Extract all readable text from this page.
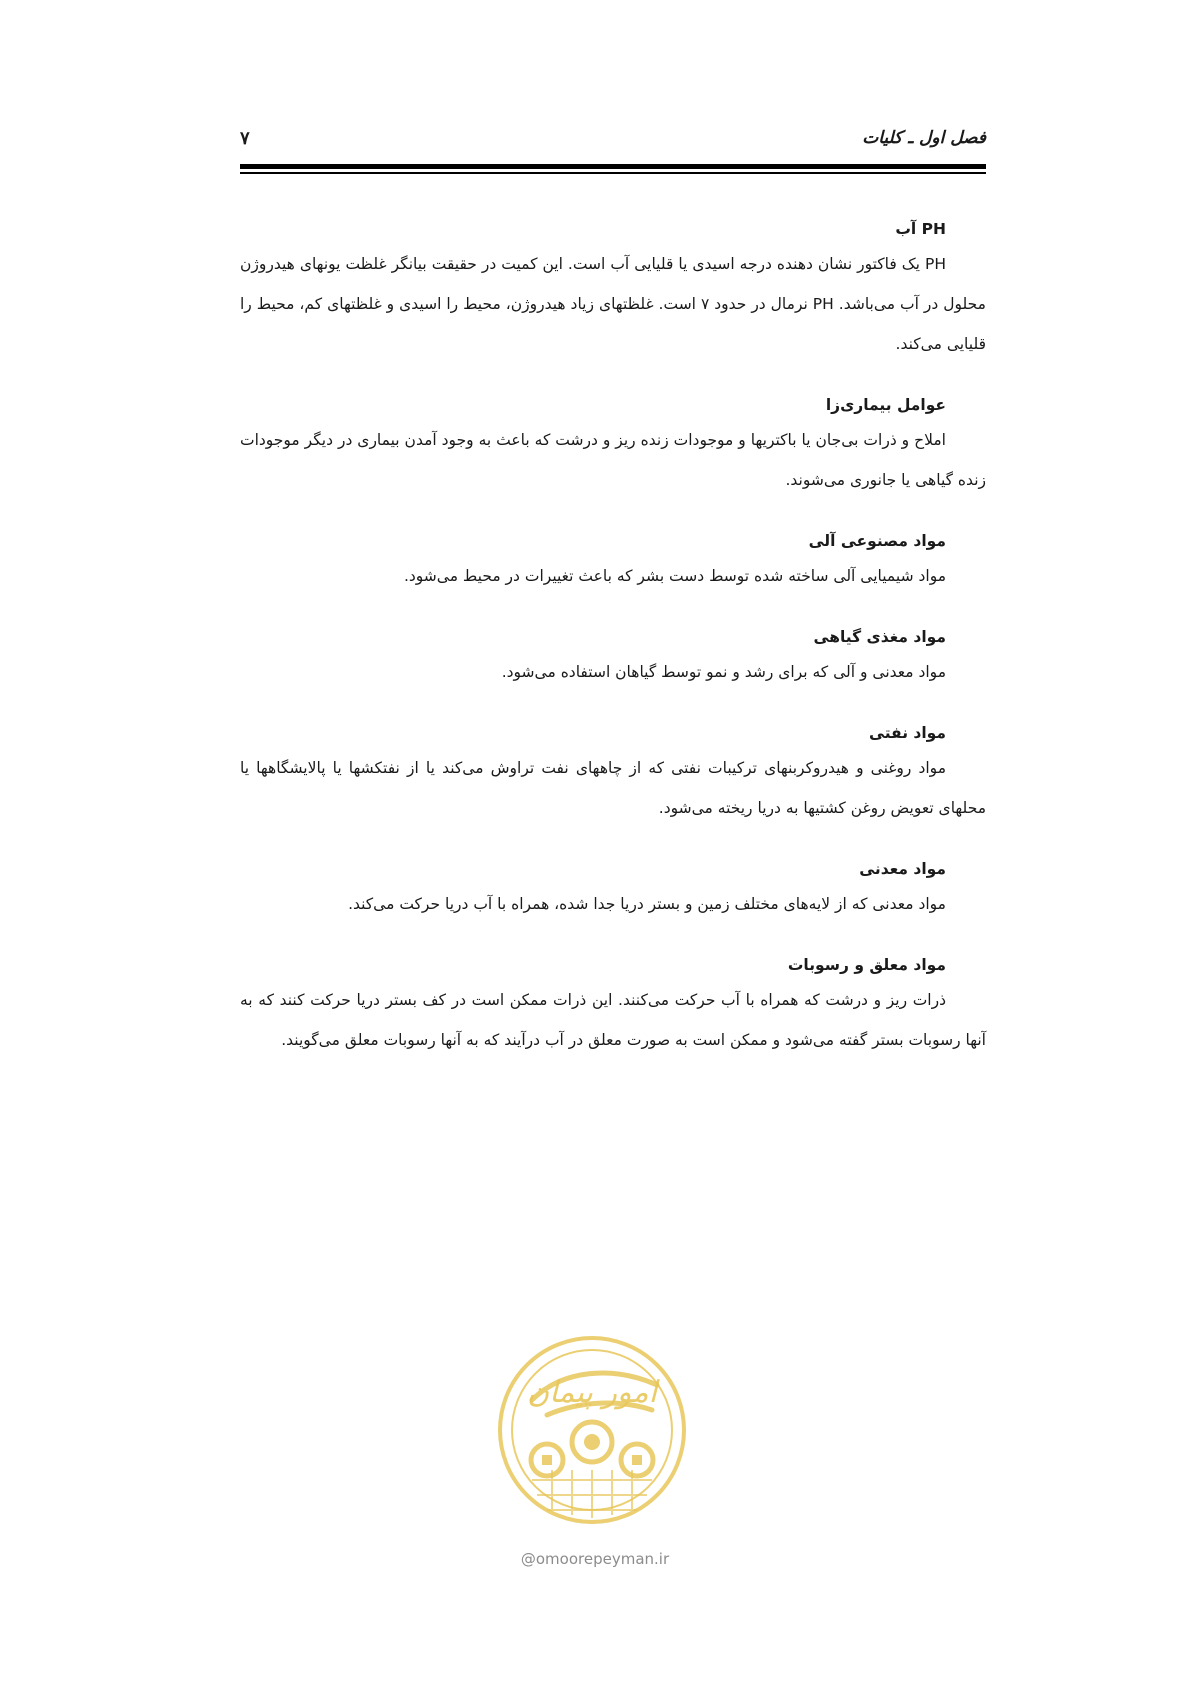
فصل اول ـ کلیات
۷
PH آب

PH یک فاکتور نشان دهنده درجه اسیدی یا قلیایی آب است. این کمیت در حقیقت بیانگر غلظت یونهای هیدروژن محلول در آب می‌باشد. PH نرمال در حدود ۷ است. غلظتهای زیاد هیدروژن، محیط را اسیدی و غلظتهای کم، محیط را قلیایی می‌کند.

عوامل بیماری‌زا

املاح و ذرات بی‌جان یا باکتریها و موجودات زنده ریز و درشت که باعث به وجود آمدن بیماری در دیگر موجودات زنده گیاهی یا جانوری می‌شوند.

مواد مصنوعی آلی

مواد شیمیایی آلی ساخته شده توسط دست بشر که باعث تغییرات در محیط می‌شود.

مواد مغذی گیاهی

مواد معدنی و آلی که برای رشد و نمو توسط گیاهان استفاده می‌شود.

مواد نفتی

مواد روغنی و هیدروکربنهای ترکیبات نفتی که از چاههای نفت تراوش می‌کند یا از نفتکشها یا پالایشگاهها یا محلهای تعویض روغن کشتیها به دریا ریخته می‌شود.

مواد معدنی

مواد معدنی که از لایه‌های مختلف زمین و بستر دریا جدا شده، همراه با آب دریا حرکت می‌کند.

مواد معلق و رسوبات

ذرات ریز و درشت که همراه با آب حرکت می‌کنند. این ذرات ممکن است در کف بستر دریا حرکت کنند که به آنها رسوبات بستر گفته می‌شود و ممکن است به صورت معلق در آب درآیند که به آنها رسوبات معلق می‌گویند.

امور پیمان
@omoorepeyman.ir
